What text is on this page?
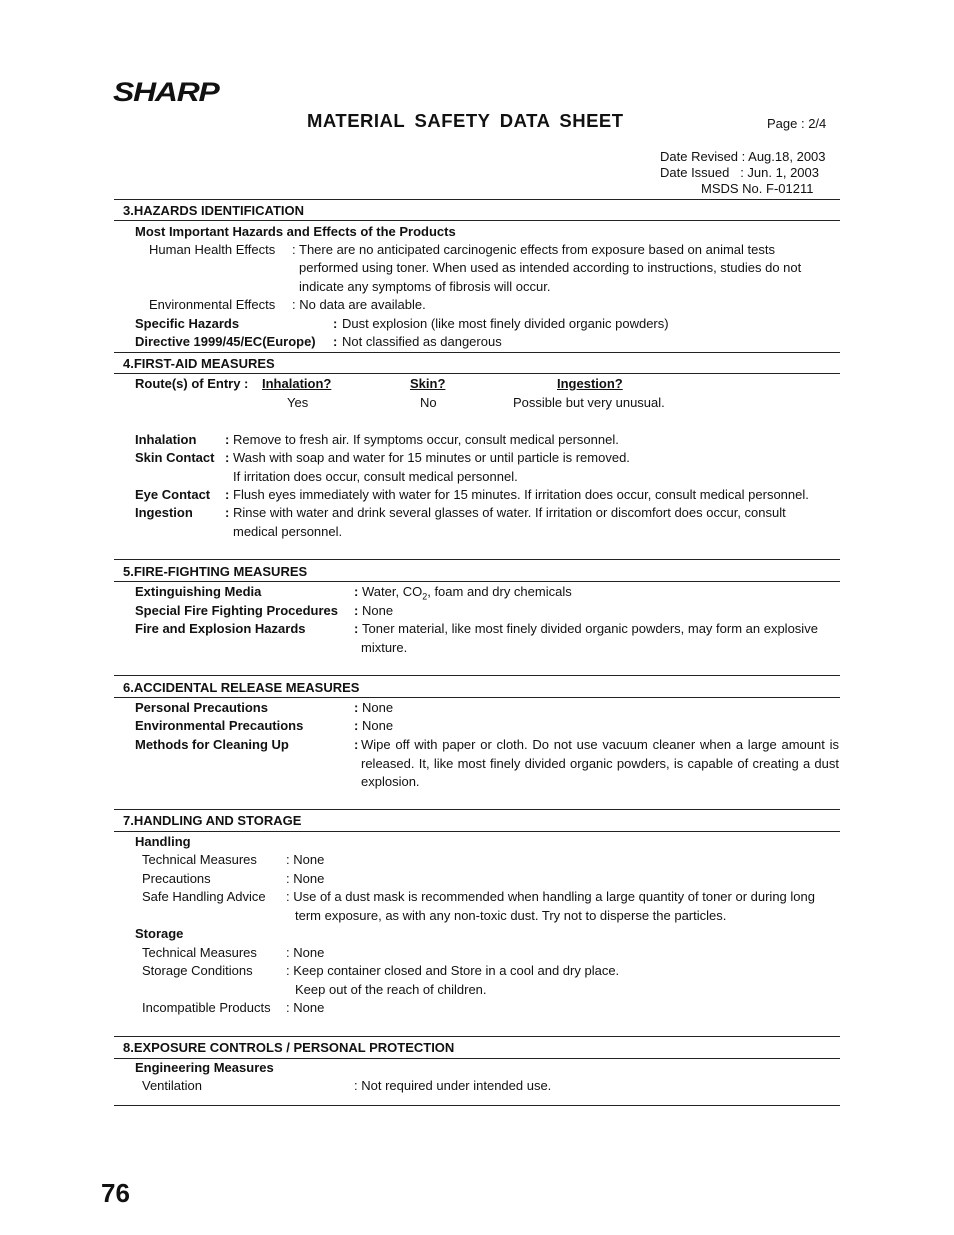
SHARP
MATERIAL SAFETY DATA SHEET	Page : 2/4
Date Revised : Aug.18, 2003
Date Issued   : Jun. 1, 2003
MSDS No. F-01211
3.HAZARDS IDENTIFICATION
Most Important Hazards and Effects of the Products
Human Health Effects : There are no anticipated carcinogenic effects from exposure based on animal tests
performed using toner. When used as intended according to instructions, studies do not
indicate any symptoms of fibrosis will occur.
Environmental Effects : No data are available.
Specific Hazards	: Dust explosion (like most finely divided organic powders)
Directive 1999/45/EC(Europe) : Not classified as dangerous
4.FIRST-AID MEASURES
Route(s) of Entry : Inhalation?	Skin?	Ingestion?
Yes	No	Possible but very unusual.
Inhalation : Remove to fresh air. If symptoms occur, consult medical personnel.
Skin Contact : Wash with soap and water for 15 minutes or until particle is removed.
If irritation does occur, consult medical personnel.
Eye Contact : Flush eyes immediately with water for 15 minutes. If irritation does occur, consult medical personnel.
Ingestion : Rinse with water and drink several glasses of water. If irritation or discomfort does occur, consult
medical personnel.
5.FIRE-FIGHTING MEASURES
Extinguishing Media	: Water, $CO_2$, foam and dry chemicals
Special Fire Fighting Procedures : None
Fire and Explosion Hazards	: Toner material, like most finely divided organic powders, may form an explosive
mixture.
6.ACCIDENTAL RELEASE MEASURES
Personal Precautions	: None
Environmental Precautions	: None
Methods for Cleaning Up	: Wipe off with paper or cloth. Do not use vacuum cleaner when a large amount is released. It, like most finely divided organic powders, is capable of creating a dust explosion.
7.HANDLING AND STORAGE
Handling
Technical Measures : None
Precautions	: None
Safe Handling Advice : Use of a dust mask is recommended when handling a large quantity of toner or during long
term exposure, as with any non-toxic dust. Try not to disperse the particles.
Storage
Technical Measures : None
Storage Conditions	: Keep container closed and Store in a cool and dry place.
Keep out of the reach of children.
Incompatible Products : None
8.EXPOSURE CONTROLS / PERSONAL PROTECTION
Engineering Measures
Ventilation	: Not required under intended use.
76
